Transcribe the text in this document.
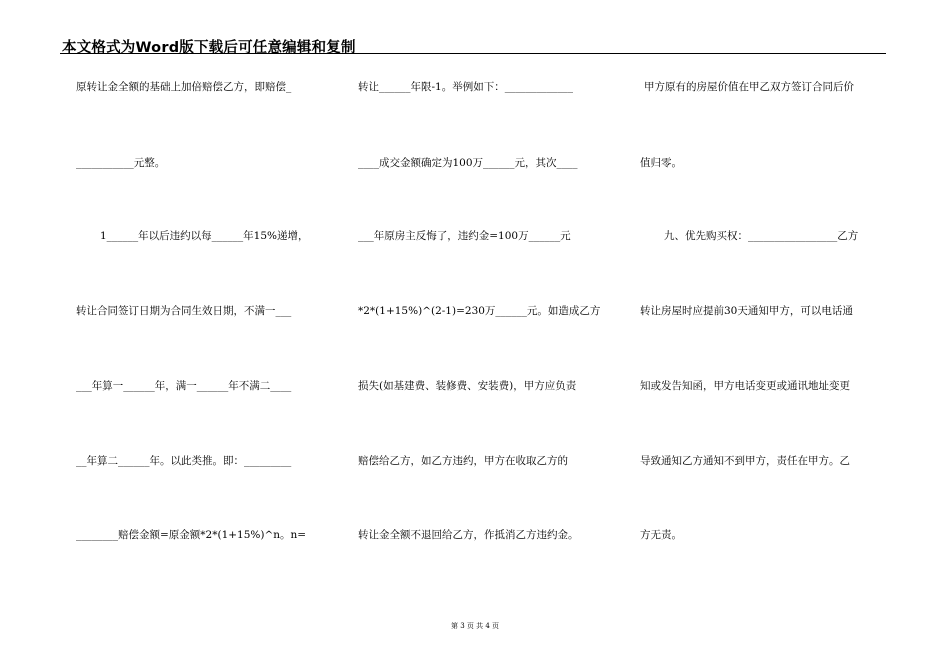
本文格式为Word版下载后可任意编辑和复制
原转让金全额的基础上加倍赔偿乙方，即赔偿_
___________元整。
1______年以后违约以每______年15%递增，
转让合同签订日期为合同生效日期，不满一___
___年算一______年，满一______年不满二____
__年算二______年。以此类推。即：_________
________赔偿金额=原金额*2*(1+15%)^n。n=
转让______年限-1。举例如下：_____________
____成交金额确定为100万______元，其次____
___年原房主反悔了，违约金=100万______元
*2*(1+15%)^(2-1)=230万______元。如造成乙方
损失(如基建费、装修费、安装费)，甲方应负责
赔偿给乙方，如乙方违约，甲方在收取乙方的
转让金全额不退回给乙方，作抵消乙方违约金。
甲方原有的房屋价值在甲乙双方签订合同后价
值归零。
九、优先购买权：_________________乙方
转让房屋时应提前30天通知甲方，可以电话通
知或发告知函，甲方电话变更或通讯地址变更
导致通知乙方通知不到甲方，责任在甲方。乙
方无责。
第 3 页 共 4 页
